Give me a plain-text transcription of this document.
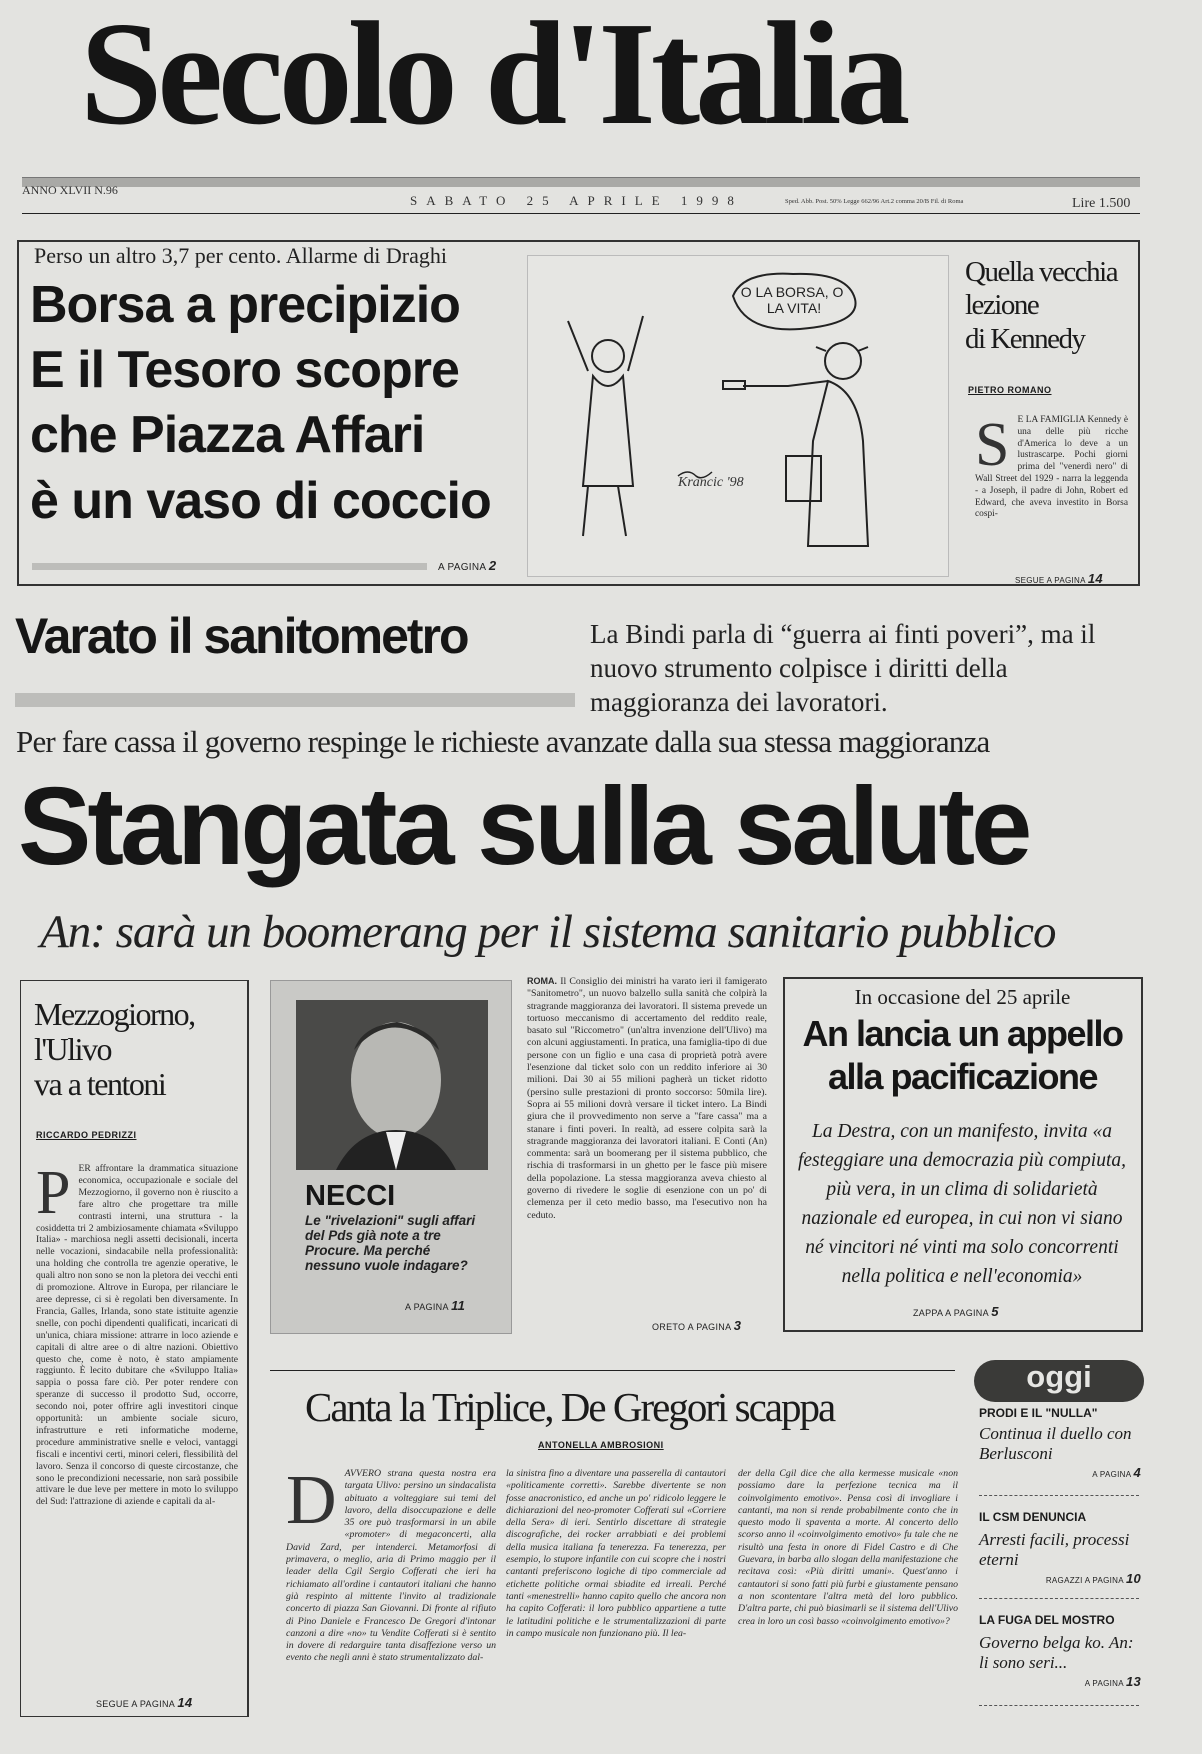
Secolo d'Italia
ANNO XLVII N.96
SABATO 25 APRILE 1998	Sped. Abb. Post. 50% Legge 662/96 Art.2 comma 20/B Fil. di Roma	Lire 1.500
Perso un altro 3,7 per cento. Allarme di Draghi
Borsa a precipizio
E il Tesoro scopre
che Piazza Affari
è un vaso di coccio
A PAGINA 2
O LA BORSA, O LA VITA!
Krancic '98
Quella vecchia
lezione
di Kennedy
PIETRO ROMANO
S E LA FAMIGLIA Kennedy è una delle più ricche d'America lo deve a un lustrascarpe. Pochi giorni prima del "venerdì nero" di Wall Street del 1929 - narra la leggenda - a Joseph, il padre di John, Robert ed Edward, che aveva investito in Borsa cospi-
SEGUE A PAGINA 14
Varato il sanitometro	La Bindi parla di “guerra ai finti poveri”, ma il nuovo strumento colpisce i diritti della maggioranza dei lavoratori.
Per fare cassa il governo respinge le richieste avanzate dalla sua stessa maggioranza
Stangata sulla salute
An: sarà un boomerang per il sistema sanitario pubblico
Mezzogiorno,
l'Ulivo
va a tentoni
RICCARDO PEDRIZZI
PER affrontare la drammatica situazione economica, occupazionale e sociale del Mezzogiorno, il governo non è riuscito a fare altro che progettare tra mille contrasti interni, una struttura - la cosiddetta tri 2 ambiziosamente chiamata «Sviluppo Italia» - marchiosa negli assetti decisionali, incerta nelle vocazioni, sindacabile nella professionalità: una holding che controlla tre agenzie operative, le quali altro non sono se non la pletora dei vecchi enti di promozione. Altrove in Europa, per rilanciare le aree depresse, ci si è regolati ben diversamente. In Francia, Galles, Irlanda, sono state istituite agenzie snelle, con pochi dipendenti qualificati, incaricati di un'unica, chiara missione: attrarre in loco aziende e capitali di altre aree o di altre nazioni. Obiettivo questo che, come è noto, è stato ampiamente raggiunto. È lecito dubitare che «Sviluppo Italia» sappia o possa fare ciò. Per poter rendere con speranze di successo il prodotto Sud, occorre, secondo noi, poter offrire agli investitori cinque opportunità: un ambiente sociale sicuro, infrastrutture e reti informatiche moderne, procedure amministrative snelle e veloci, vantaggi fiscali e incentivi certi, minori celeri, flessibilità del lavoro. Senza il concorso di queste circostanze, che sono le precondizioni necessarie, non sarà possibile attivare le due leve per mettere in moto lo sviluppo del Sud: l'attrazione di aziende e capitali da al-
SEGUE A PAGINA 14
NECCI
Le "rivelazioni" sugli affari del Pds già note a tre Procure. Ma perché nessuno vuole indagare?
A PAGINA 11
ROMA. Il Consiglio dei ministri ha varato ieri il famigerato "Sanitometro", un nuovo balzello sulla sanità che colpirà la stragrande maggioranza dei lavoratori. Il sistema prevede un tortuoso meccanismo di accertamento del reddito reale, basato sul "Riccometro" (un'altra invenzione dell'Ulivo) ma con alcuni aggiustamenti. In pratica, una famiglia-tipo di due persone con un figlio e una casa di proprietà potrà avere l'esenzione dal ticket solo con un reddito inferiore ai 30 milioni. Dai 30 ai 55 milioni pagherà un ticket ridotto (persino sulle prestazioni di pronto soccorso: 50mila lire). Sopra ai 55 milioni dovrà versare il ticket intero. La Bindi giura che il provvedimento non serve a "fare cassa" ma a stanare i finti poveri. In realtà, ad essere colpita sarà la stragrande maggioranza dei lavoratori italiani. E Conti (An) commenta: sarà un boomerang per il sistema pubblico, che rischia di trasformarsi in un ghetto per le fasce più misere della popolazione. La stessa maggioranza aveva chiesto al governo di rivedere le soglie di esenzione con un po' di clemenza per il ceto medio basso, ma l'esecutivo non ha ceduto.
ORETO A PAGINA 3
In occasione del 25 aprile
An lancia un appello
alla pacificazione
La Destra, con un manifesto, invita «a festeggiare una democrazia più compiuta, più vera, in un clima di solidarietà nazionale ed europea, in cui non vi siano né vincitori né vinti ma solo concorrenti nella politica e nell'economia»
ZAPPA A PAGINA 5
Canta la Triplice, De Gregori scappa
ANTONELLA AMBROSIONI
DAVVERO strana questa nostra era targata Ulivo: persino un sindacalista abituato a volteggiare sui temi del lavoro, della disoccupazione e delle 35 ore può trasformarsi in un abile «promoter» di megaconcerti, alla David Zard, per intenderci. Metamorfosi di primavera, o meglio, aria di Primo maggio per il leader della Cgil Sergio Cofferati che ieri ha richiamato all'ordine i cantautori italiani che hanno già respinto al mittente l'invito al tradizionale concerto di piazza San Giovanni. Di fronte al rifiuto di Pino Daniele e Francesco De Gregori d'intonar canzoni a dire «no» tu Vendite Cofferati si è sentito in dovere di redarguire tanta disaffezione verso un evento che negli anni è stato strumentalizzato dal-
la sinistra fino a diventare una passerella di cantautori «politicamente corretti». Sarebbe divertente se non fosse anacronistico, ed anche un po' ridicolo leggere le dichiarazioni del neo-promoter Cofferati sul «Corriere della Sera» di ieri. Sentirlo discettare di strategie discografiche, dei rocker arrabbiati e dei problemi della musica italiana fa tenerezza. Fa tenerezza, per esempio, lo stupore infantile con cui scopre che i nostri cantanti preferiscono logiche di tipo commerciale ad etichette politiche ormai sbiadite ed irreali. Perché tanti «menestrelli» hanno capito quello che ancora non ha capito Cofferati: il loro pubblico appartiene a tutte le latitudini politiche e le strumentalizzazioni di parte in campo musicale non funzionano più. Il lea-
der della Cgil dice che alla kermesse musicale «non possiamo dare la perfezione tecnica ma il coinvolgimento emotivo». Pensa così di invogliare i cantanti, ma non si rende probabilmente conto che in questo modo li spaventa a morte. Al concerto dello scorso anno il «coinvolgimento emotivo» fu tale che ne risultò una festa in onore di Fidel Castro e di Che Guevara, in barba allo slogan della manifestazione che recitava così: «Più diritti umani». Quest'anno i cantautori si sono fatti più furbi e giustamente pensano a non scontentare l'altra metà del loro pubblico. D'altra parte, chi può biasimarli se il sistema dell'Ulivo crea in loro un così basso «coinvolgimento emotivo»?
oggi
PRODI E IL "NULLA"
Continua il duello con Berlusconi
A PAGINA 4
IL CSM DENUNCIA
Arresti facili, processi eterni
RAGAZZI A PAGINA 10
LA FUGA DEL MOSTRO
Governo belga ko. An: li sono seri...
A PAGINA 13
